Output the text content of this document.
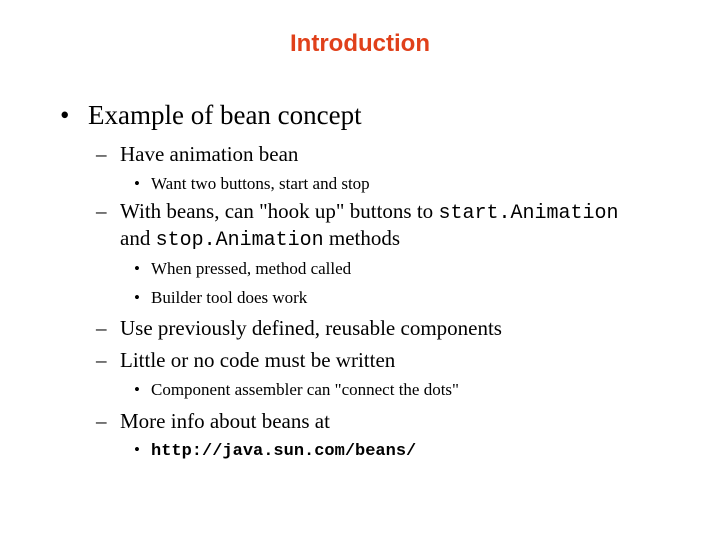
Introduction
• Example of bean concept
– Have animation bean
• Want two buttons, start and stop
– With beans, can "hook up" buttons to start.Animation
and stop.Animation methods
• When pressed, method called
• Builder tool does work
– Use previously defined, reusable components
– Little or no code must be written
• Component assembler can "connect the dots"
– More info about beans at
• http://java.sun.com/beans/
